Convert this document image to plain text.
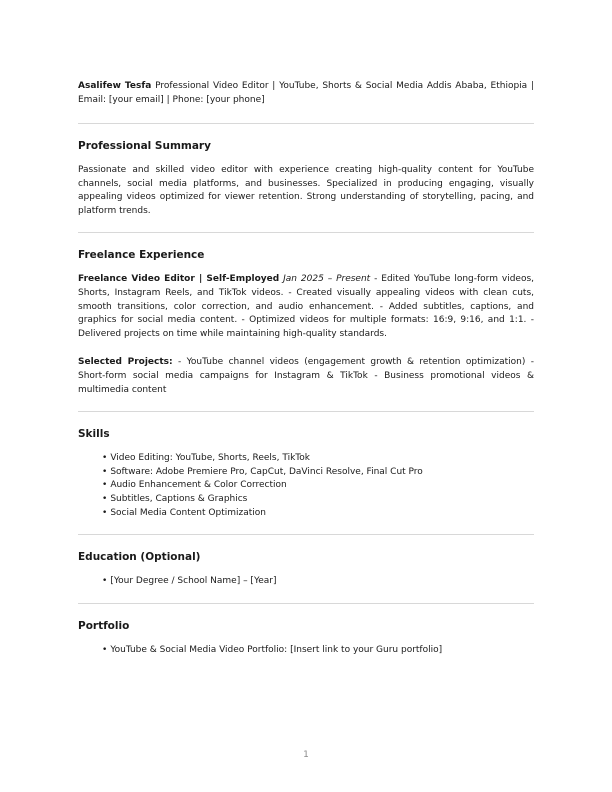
Asalifew Tesfa Professional Video Editor | YouTube, Shorts & Social Media Addis Ababa, Ethiopia | Email: [your email] | Phone: [your phone]

Professional Summary

Passionate and skilled video editor with experience creating high-quality content for YouTube channels, social media platforms, and businesses. Specialized in producing engaging, visually appealing videos optimized for viewer retention. Strong understanding of storytelling, pacing, and platform trends.

Freelance Experience

Freelance Video Editor | Self-Employed Jan 2025 – Present - Edited YouTube long-form videos, Shorts, Instagram Reels, and TikTok videos. - Created visually appealing videos with clean cuts, smooth transitions, color correction, and audio enhancement. - Added subtitles, captions, and graphics for social media content. - Optimized videos for multiple formats: 16:9, 9:16, and 1:1. - Delivered projects on time while maintaining high-quality standards.

Selected Projects: - YouTube channel videos (engagement growth & retention optimization) - Short-form social media campaigns for Instagram & TikTok - Business promotional videos & multimedia content

Skills
• Video Editing: YouTube, Shorts, Reels, TikTok
• Software: Adobe Premiere Pro, CapCut, DaVinci Resolve, Final Cut Pro
• Audio Enhancement & Color Correction
• Subtitles, Captions & Graphics
• Social Media Content Optimization
Education (Optional)
• [Your Degree / School Name] – [Year]
Portfolio
• YouTube & Social Media Video Portfolio: [Insert link to your Guru portfolio]
1
